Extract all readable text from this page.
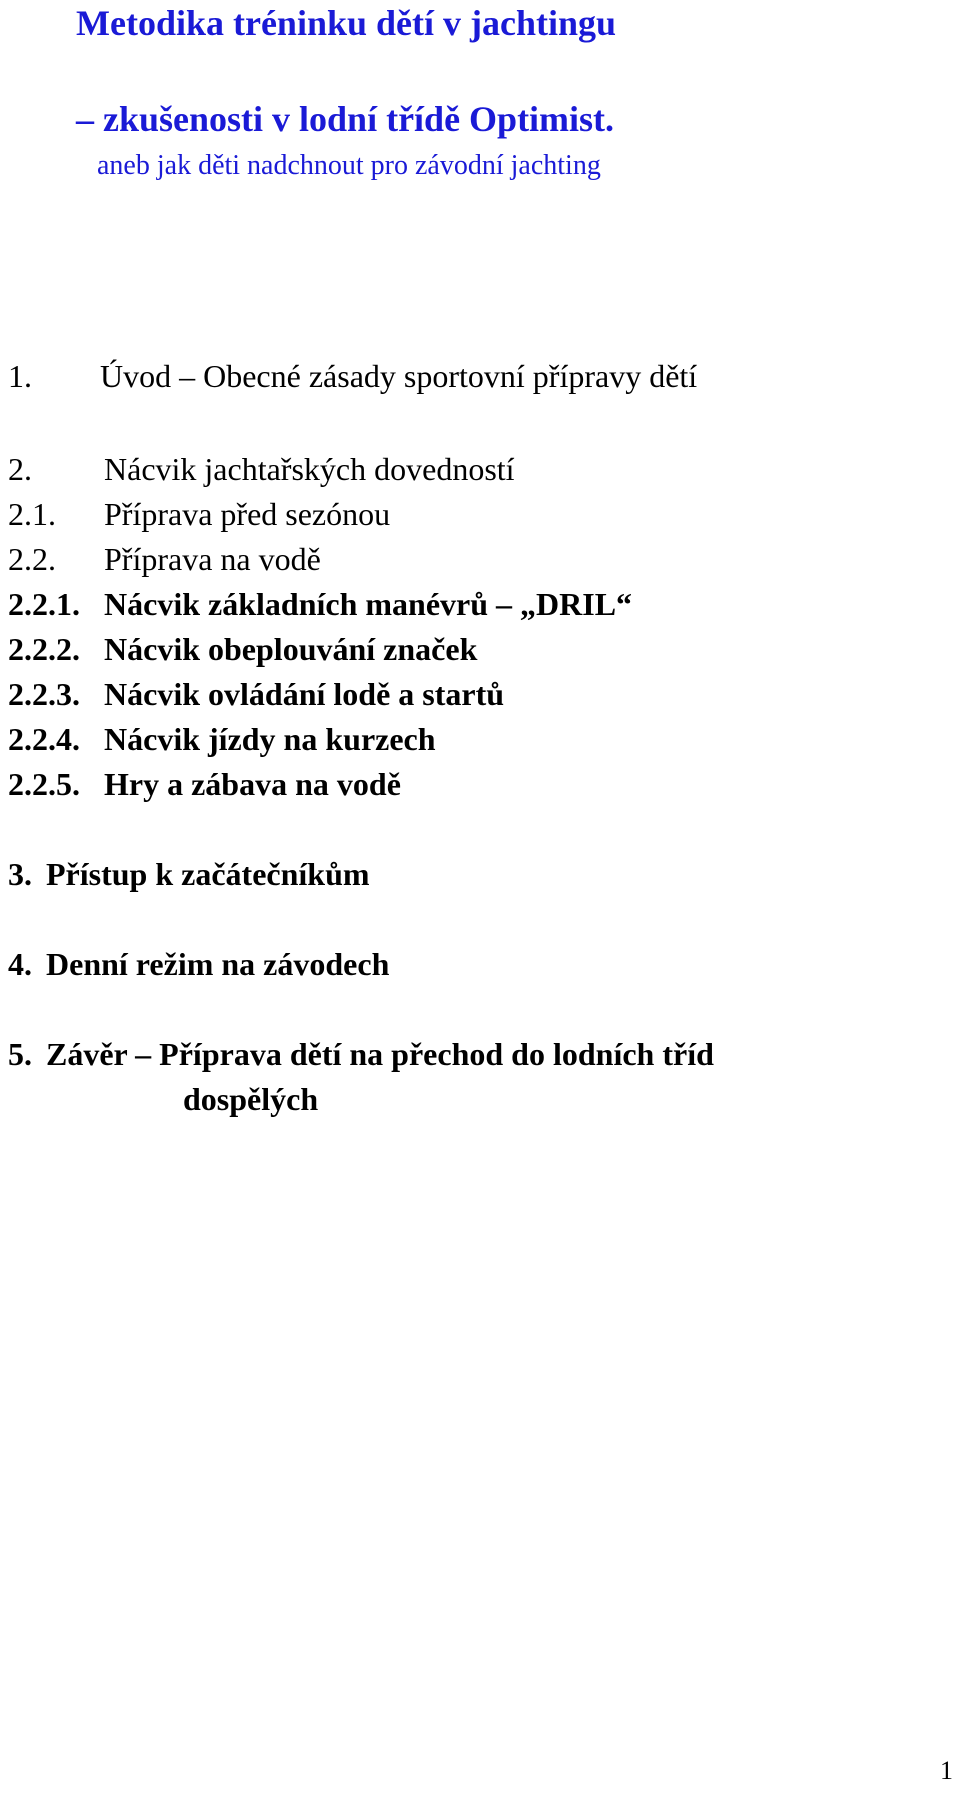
Metodika tréninku dětí v jachtingu
– zkušenosti v lodní třídě Optimist.
aneb jak děti nadchnout pro závodní jachting
1. Úvod – Obecné zásady sportovní přípravy dětí
2. Nácvik jachtařských dovedností
2.1. Příprava před sezónou
2.2. Příprava na vodě
2.2.1. Nácvik základních manévrů – „DRIL“
2.2.2. Nácvik obeplouvání značek
2.2.3. Nácvik ovládání lodě a startů
2.2.4. Nácvik jízdy na kurzech
2.2.5. Hry a zábava na vodě
3. Přístup k začátečníkům
4. Denní režim na závodech
5. Závěr – Příprava dětí na přechod do lodních tříd
dospělých
1
